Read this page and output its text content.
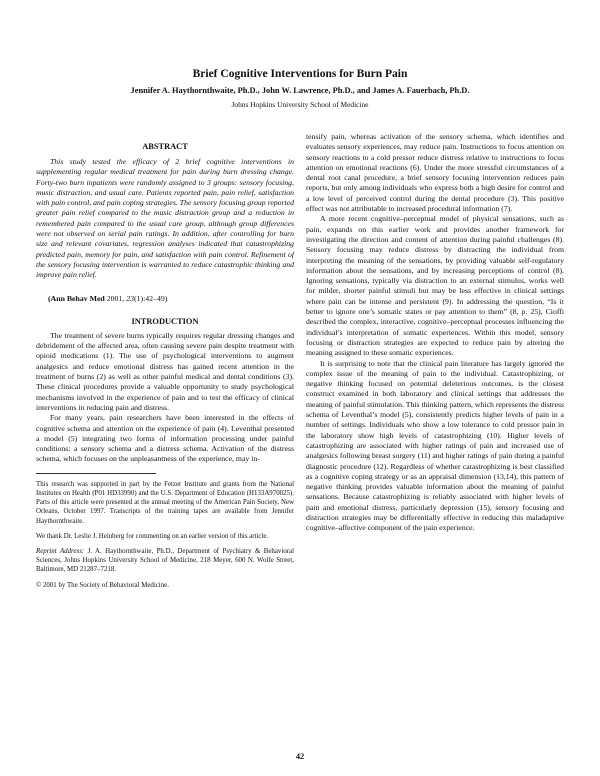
Brief Cognitive Interventions for Burn Pain
Jennifer A. Haythornthwaite, Ph.D., John W. Lawrence, Ph.D., and James A. Fauerbach, Ph.D.
Johns Hopkins University School of Medicine
ABSTRACT

This study tested the efficacy of 2 brief cognitive interventions in supplementing regular medical treatment for pain during burn dressing change. Forty-two burn inpatients were randomly assigned to 3 groups: sensory focusing, music distraction, and usual care. Patients reported pain, pain relief, satisfaction with pain control, and pain coping strategies. The sensory focusing group reported greater pain relief compared to the music distraction group and a reduction in remembered pain compared to the usual care group, although group differences were not observed on serial pain ratings. In addition, after controlling for burn size and relevant covariates, regression analyses indicated that catastrophizing predicted pain, memory for pain, and satisfaction with pain control. Refinement of the sensory focusing intervention is warranted to reduce catastrophic thinking and improve pain relief.

(Ann Behav Med 2001, 23(1):42–49)
INTRODUCTION

The treatment of severe burns typically requires regular dressing changes and debridement of the affected area, often causing severe pain despite treatment with opioid medications (1). The use of psychological interventions to augment analgesics and reduce emotional distress has gained recent attention in the treatment of burns (2) as well as other painful medical and dental conditions (3). These clinical procedures provide a valuable opportunity to study psychological mechanisms involved in the experience of pain and to test the efficacy of clinical interventions in reducing pain and distress.

For many years, pain researchers have been interested in the effects of cognitive schema and attention on the experience of pain (4). Leventhal presented a model (5) integrating two forms of information processing under painful conditions: a sensory schema and a distress schema. Activation of the distress schema, which focuses on the unpleasantness of the experience, may in-

This research was supported in part by the Fetzer Institute and grants from the National Institutes on Health (P01 HD33990) and the U.S. Department of Education (H133A970025). Parts of this article were presented at the annual meeting of the American Pain Society, New Orleans, October 1997. Transcripts of the training tapes are available from Jennifer Haythornthwaite.

We thank Dr. Leslie J. Heinberg for commenting on an earlier version of this article.

Reprint Address: J. A. Haythornthwaite, Ph.D., Department of Psychiatry & Behavioral Sciences, Johns Hopkins University School of Medicine, 218 Meyer, 600 N. Wolfe Street, Baltimore, MD 21287–7218.

© 2001 by The Society of Behavioral Medicine.

tensify pain, whereas activation of the sensory schema, which identifies and evaluates sensory experiences, may reduce pain. Instructions to focus attention on sensory reactions to a cold pressor reduce distress relative to instructions to focus attention on emotional reactions (6). Under the more stressful circumstances of a dental root canal procedure, a brief sensory focusing intervention reduces pain reports, but only among individuals who express both a high desire for control and a low level of perceived control during the dental procedure (3). This positive effect was not attributable to increased procedural information (7).

A more recent cognitive–perceptual model of physical sensations, such as pain, expands on this earlier work and provides another framework for investigating the direction and content of attention during painful challenges (8). Sensory focusing may reduce distress by distracting the individual from interpreting the meaning of the sensations, by providing valuable self-regulatory information about the sensations, and by increasing perceptions of control (8). Ignoring sensations, typically via distraction to an external stimulus, works well for milder, shorter painful stimuli but may be less effective in clinical settings where pain can be intense and persistent (9). In addressing the question, “Is it better to ignore one’s somatic states or pay attention to them” (8, p. 25), Cioffi described the complex, interactive, cognitive–perceptual processes influencing the individual’s interpretation of somatic experiences. Within this model, sensory focusing or distraction strategies are expected to reduce pain by altering the meaning assigned to these somatic experiences.

It is surprising to note that the clinical pain literature has largely ignored the complex issue of the meaning of pain to the individual. Catastrophizing, or negative thinking focused on potential deleterious outcomes, is the closest construct examined in both laboratory and clinical settings that addresses the meaning of painful stimulation. This thinking pattern, which represents the distress schema of Leventhal’s model (5), consistently predicts higher levels of pain in a number of settings. Individuals who show a low tolerance to cold pressor pain in the laboratory show high levels of catastrophizing (10). Higher levels of catastrophizing are associated with higher ratings of pain and increased use of analgesics following breast surgery (11) and higher ratings of pain during a painful diagnostic procedure (12). Regardless of whether catastrophizing is best classified as a cognitive coping strategy or as an appraisal dimension (13,14), this pattern of negative thinking provides valuable information about the meaning of painful sensations. Because catastrophizing is reliably associated with higher levels of pain and emotional distress, particularly depression (15), sensory focusing and distraction strategies may be differentially effective in reducing this maladaptive cognitive–affective component of the pain experience.

42
